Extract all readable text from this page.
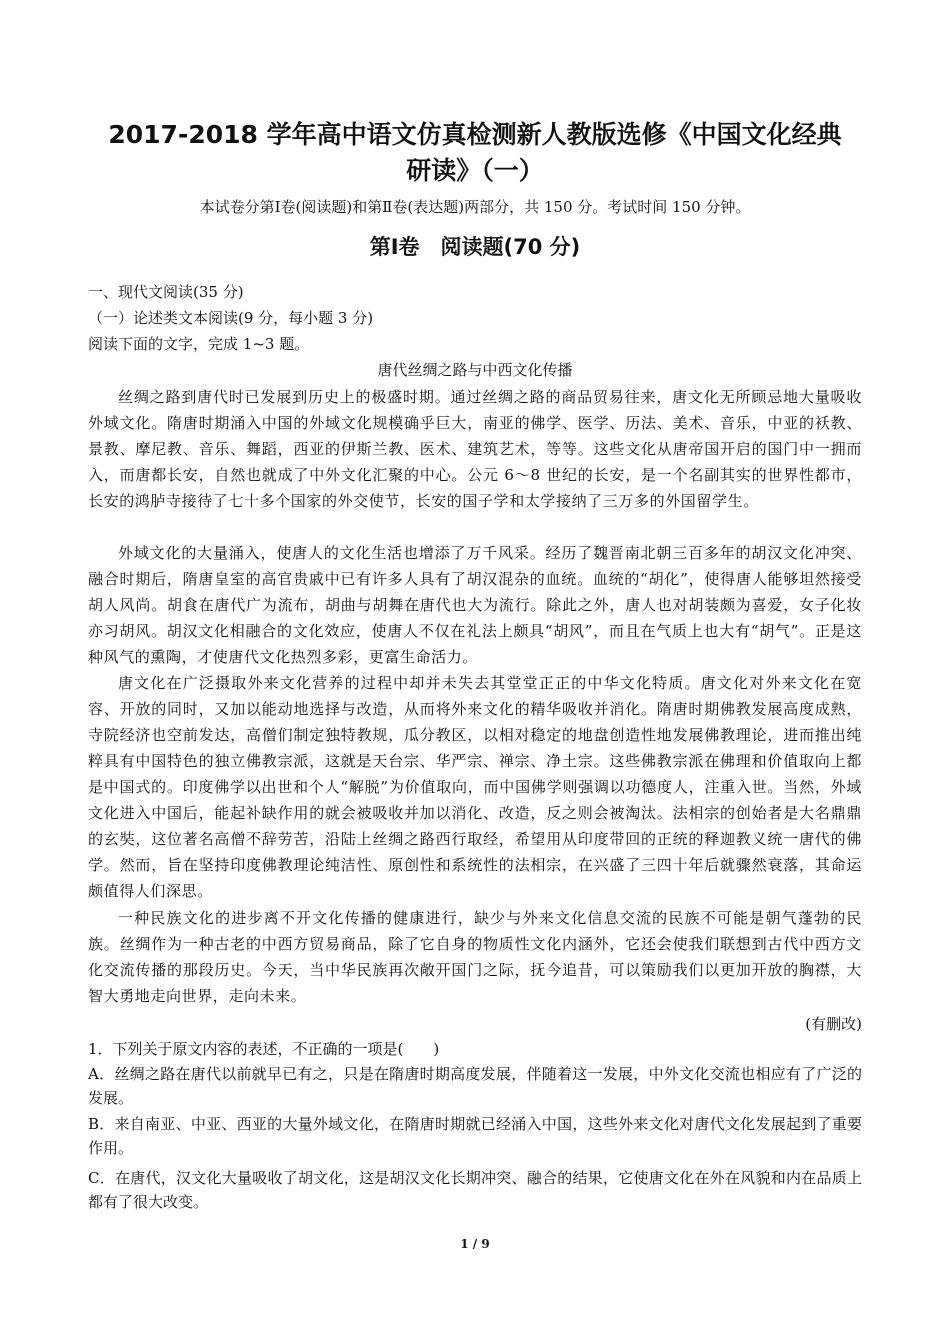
2017-2018 学年高中语文仿真检测新人教版选修《中国文化经典
研读》（一）
本试卷分第Ⅰ卷(阅读题)和第Ⅱ卷(表达题)两部分，共 150 分。考试时间 150 分钟。
第Ⅰ卷　阅读题(70 分)
一、现代文阅读(35 分)
（一）论述类文本阅读(9 分，每小题 3 分)
阅读下面的文字，完成 1~3 题。
唐代丝绸之路与中西文化传播

丝绸之路到唐代时已发展到历史上的极盛时期。通过丝绸之路的商品贸易往来，唐文化无所顾忌地大量吸收外域文化。隋唐时期涌入中国的外域文化规模确乎巨大，南亚的佛学、医学、历法、美术、音乐，中亚的袄教、景教、摩尼教、音乐、舞蹈，西亚的伊斯兰教、医术、建筑艺术，等等。这些文化从唐帝国开启的国门中一拥而入，而唐都长安，自然也就成了中外文化汇聚的中心。公元 6～8 世纪的长安，是一个名副其实的世界性都市，长安的鸿胪寺接待了七十多个国家的外交使节，长安的国子学和太学接纳了三万多的外国留学生。

外域文化的大量涌入，使唐人的文化生活也增添了万千风采。经历了魏晋南北朝三百多年的胡汉文化冲突、融合时期后，隋唐皇室的高官贵戚中已有许多人具有了胡汉混杂的血统。血统的“胡化”，使得唐人能够坦然接受胡人风尚。胡食在唐代广为流布，胡曲与胡舞在唐代也大为流行。除此之外，唐人也对胡装颇为喜爱，女子化妆亦习胡风。胡汉文化相融合的文化效应，使唐人不仅在礼法上颇具“胡风”，而且在气质上也大有“胡气”。正是这种风气的熏陶，才使唐代文化热烈多彩，更富生命活力。

唐文化在广泛摄取外来文化营养的过程中却并未失去其堂堂正正的中华文化特质。唐文化对外来文化在宽容、开放的同时，又加以能动地选择与改造，从而将外来文化的精华吸收并消化。隋唐时期佛教发展高度成熟，寺院经济也空前发达，高僧们制定独特教规，瓜分教区，以相对稳定的地盘创造性地发展佛教理论，进而推出纯粹具有中国特色的独立佛教宗派，这就是天台宗、华严宗、禅宗、净土宗。这些佛教宗派在佛理和价值取向上都是中国式的。印度佛学以出世和个人“解脱”为价值取向，而中国佛学则强调以功德度人，注重入世。当然，外域文化进入中国后，能起补缺作用的就会被吸收并加以消化、改造，反之则会被淘汰。法相宗的创始者是大名鼎鼎的玄奘，这位著名高僧不辞劳苦，沿陆上丝绸之路西行取经，希望用从印度带回的正统的释迦教义统一唐代的佛学。然而，旨在坚持印度佛教理论纯洁性、原创性和系统性的法相宗，在兴盛了三四十年后就骤然衰落，其命运颇值得人们深思。

一种民族文化的进步离不开文化传播的健康进行，缺少与外来文化信息交流的民族不可能是朝气蓬勃的民族。丝绸作为一种古老的中西方贸易商品，除了它自身的物质性文化内涵外，它还会使我们联想到古代中西方文化交流传播的那段历史。今天，当中华民族再次敞开国门之际，抚今追昔，可以策励我们以更加开放的胸襟，大智大勇地走向世界，走向未来。

(有删改)

1．下列关于原文内容的表述，不正确的一项是(　　)

A．丝绸之路在唐代以前就早已有之，只是在隋唐时期高度发展，伴随着这一发展，中外文化交流也相应有了广泛的发展。

B．来自南亚、中亚、西亚的大量外域文化，在隋唐时期就已经涌入中国，这些外来文化对唐代文化发展起到了重要作用。

C．在唐代，汉文化大量吸收了胡文化，这是胡汉文化长期冲突、融合的结果，它使唐文化在外在风貌和内在品质上都有了很大改变。

1 / 9
